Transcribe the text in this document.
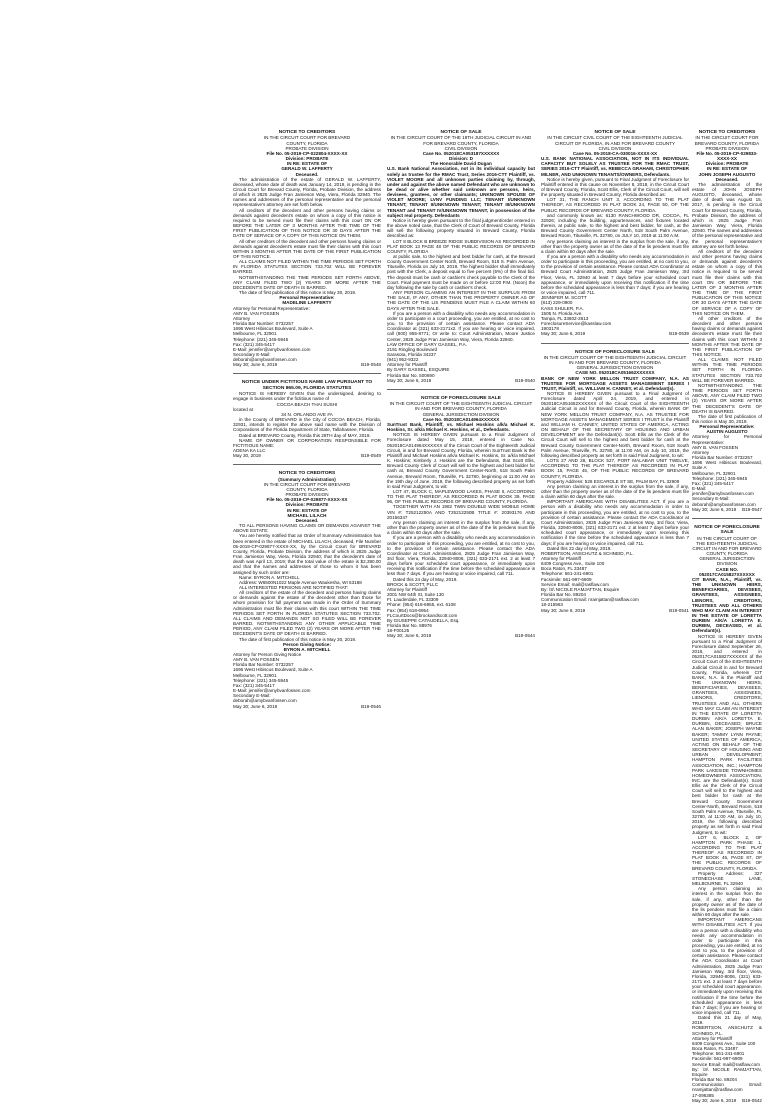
NOTICE TO CREDITORS
IN THE CIRCUIT COURT FOR BREVARD
COUNTY, FLORIDA
PROBATE DIVISION
File No. 05-2019-CP-022804-XXXX-XX
Division: PROBATE
IN RE: ESTATE OF
GERALD W. LAFFERTY
Deceased.

The administration of the estate of GERALD W. LAFFERTY, deceased, whose date of death was January 14, 2019, is pending in the Circuit Court for Brevard County, Florida, Probate Division, the address of which is 2825 Judge Fran Jamieson Way, Viera, Florida 32940. The names and addresses of the personal representative and the personal representative's attorney are set forth below.

All creditors of the decedent and other persons having claims or demands against decedent's estate on whom a copy of this notice is required to be served must file their claims with this court ON OR BEFORE THE LATER OF 3 MONTHS AFTER THE TIME OF THE FIRST PUBLICATION OF THIS NOTICE OR 30 DAYS AFTER THE DATE OF SERVICE OF A COPY OF THIS NOTICE ON THEM.

All other creditors of the decedent and other persons having claims or demands against decedent's estate must file their claims with this court WITHIN 3 MONTHS AFTER THE DATE OF THE FIRST PUBLICATION OF THIS NOTICE.

ALL CLAIMS NOT FILED WITHIN THE TIME PERIODS SET FORTH IN FLORIDA STATUTES SECTION 733.702 WILL BE FOREVER BARRED.

NOTWITHSTANDING THE TIME PERIODS SET FORTH ABOVE, ANY CLAIM FILED TWO (2) YEARS OR MORE AFTER THE DECEDENT'S DATE OF DEATH IS BARRED.

The date of first publication of this notice is May 30, 2019.

Personal Representative:
MADELINE LAFFERTY
Attorney for Personal Representative:
AMY B. VAN FOSSEN
Attorney
Florida Bar Number: 0732257
1696 West Hibiscus Boulevard, Suite A
Melbourne, FL 32901
Telephone: (321) 345-5945
Fax: (321) 345-5417
E-Mail: jennifer@amybvanfossen.com
Secondary E-Mail:
deborah@amybvanfossen.com
May 30; June 6, 2019	B19-0548
NOTICE UNDER FICTITIOUS NAME LAW PURSUANT TO SECTION 865.09, FLORIDA STATUTES

NOTICE IS HEREBY GIVEN that the undersigned, desiring to engage in business under the fictitious name of

COCOA BEACH THAI SUSHI
located at
34 N. ORLANDO AVE #A

in the County of BREVARD in the City of COCOA BEACH, Florida, 32931, intends to register the above said name with the Division of Corporations of the Florida Department of State, Tallahassee, Florida.

Dated at BREVARD County, Florida this 28TH day of MAY, 2019.

NAME OF OWNER OR CORPORATION RESPONSIBLE FOR FICTITIOUS NAME:

ADENA KA LLC
May 30, 2019	B19-0549
NOTICE TO CREDITORS
(Summary Administration)
IN THE CIRCUIT COURT FOR BREVARD
COUNTY, FLORIDA
PROBATE DIVISION
File No. 05-2019-CP-029877-XXXX-XX
Division: PROBATE
IN RE: ESTATE OF
MICHAEL LILACH
Deceased.

TO ALL PERSONS HAVING CLAIMS OR DEMANDS AGAINST THE ABOVE ESTATE:

You are hereby notified that an Order of Summary Administration has been entered in the estate of MICHAEL LILACH, deceased, File Number 05-2019-CP-029877-XXXX-XX, by the Circuit Court for BREVARD County, Florida, Probate Division, the address of which is 2825 Judge Fran Jamieson Way, Viera, Florida 32940; that the decedent's date of death was April 13, 2019; that the total value of the estate is $2,390.00 and that the names and addresses of those to whom it has been assigned by such order are:

Name: BYRON A. MITCHELL

Address: W6500N1022 Maple Avenue Waukesha, WI 53188

ALL INTERESTED PERSONS ARE NOTIFIED THAT:

All creditors of the estate of the decedent and persons having claims or demands against the estate of the decedent other than those for whom provision for full payment was made in the Order of Summary Administration must file their claims with this court WITHIN THE TIME PERIODS SET FORTH IN FLORIDA STATUTES SECTION 733.702. ALL CLAIMS AND DEMANDS NOT SO FILED WILL BE FOREVER BARRED. NOTWITHSTANDING ANY OTHER APPLICABLE TIME PERIOD, ANY CLAIM FILED TWO (2) YEARS OR MORE AFTER THE DECEDENT'S DATE OF DEATH IS BARRED.

The date of first publication of this notice is May 30, 2019.

Person Giving Notice:
BYRON A. MITCHELL
Attorney for Person Giving Notice
AMY B. VAN FOSSEN
Florida Bar Number: 0732257
1696 West Hibiscus Boulevard, Suite A
Melbourne, FL 32901
Telephone: (321) 345-5945
Fax: (321) 345-5417
E-Mail: jennifer@amybvanfossen.com
Secondary E-Mail:
deborah@amybvanfossen.com
May 30; June 6, 2019	B19-0546
NOTICE OF SALE
IN THE CIRCUIT COURT OF THE 18TH JUDICIAL CIRCUIT IN AND FOR BREVARD COUNTY, FLORIDA
CIVIL DIVISION
Case No. 052018CA053187XXXXXX
Division: D
The Honorable David Dugan
U.S. Bank National Association, not in its individual capacity but solely as trustee for the RMAC Trust, Series 2016-CTT Plaintiff, vs. VIOLET MOORE and all unknown parties claiming by, through, under and against the above named Defendant who are unknown to be dead or alive whether said unknown are persons, heirs, devisees, grantees, or other claimants; UNKNOWN SPOUSE OF VIOLET MOORE; LVNV FUNDING LLC; TENANT I/UNKNOWN TENANT; TENANT II/UNKNOWN TENANT; TENANT III/UNKNOWN TENANT and TENANT IV/UNKNOWN TENANT, in possession of the subject real property. Defendants

Notice is hereby given pursuant to the final judgment/order entered in the above noted case, that the Clerk of Court of Brevard County, Florida will sell the following property situated in Brevard County, Florida described as:

LOT 8 BLOCK B BREEZE RIDGE SUBDIVISION AS RECORDED IN PLAT BOOK 13 PAGE 48 OF THE PUBLIC RECORDS OF BREVARD COUNTY, FLORIDA

at public sale, to the highest and best bidder for cash, at the Brevard County Government Center North, Brevard Room, 518 S. Palm Avenue, Titusville, Florida on July 10, 2019. The highest bidder shall immediately post with the Clerk, a deposit equal to five percent (5%) of the final bid. The deposit must be cash or cashier's check payable to the Clerk of the Court. Final payment must be made on or before 12:00 P.M. (Noon) the day following the sale by cash or cashier's check.

ANY PERSON CLAIMING AN INTEREST IN THE SURPLUS FROM THE SALE, IF ANY, OTHER THAN THE PROPERTY OWNER AS OF THE DATE OF THE LIS PENDENS MUST FILE A CLAIM WITHIN 60 DAYS AFTER THE SALE.

If you are a person with a disability who needs any accommodation in order to participate in a court proceeding, you are entitled, at no cost to you, to the provision of certain assistance. Please contact ADA Coordinator at (321) 633-2171x2. If you are hearing or voice impaired, call (800) 955-8771; Or write to: Court Administration, Moore Justice Center, 2825 Judge Fran Jamieson Way, Viera, Florida 32940.

LAW OFFICE OF GARY GASSEL, P.A.
2191 Ringling Boulevard
Sarasota, Florida 34237
(941) 952-9322
Attorney for Plaintiff
By GARY GASSEL, ESQUIRE
Florida Bar No. 500690
May 30; June 6, 2019	B19-0540
NOTICE OF FORECLOSURE SALE
IN THE CIRCUIT COURT OF THE EIGHTEENTH JUDICIAL CIRCUIT IN AND FOR BREVARD COUNTY, FLORIDA
GENERAL JURISDICTION DIVISION
Case No. 052018CA014964XXXXXX
SunTrust Bank, Plaintiff, vs. Michael Hoskins a/k/a Michael K. Hoskins, Sr. a/k/a Michael K. Hoskins, et al., Defendants.

NOTICE IS HEREBY GIVEN pursuant to a Final Judgment of Foreclosure dated May 15, 2019, entered in Case No. 052018CA014964XXXXXX of the Circuit Court of the Eighteenth Judicial Circuit, in and for Brevard County, Florida, wherein SunTrust Bank is the Plaintiff and Michael Hoskins a/k/a Michael K. Hoskins, Sr. a/k/a Michael K. Hoskins; Kimberly J. Hoskins are the Defendants, that Scott Ellis, Brevard County Clerk of Court will sell to the highest and best bidder for cash at, Brevard County Government Center-North, 518 South Palm Avenue, Brevard Room, Titusville, FL 32780, beginning at 11:00 AM on the 19th day of June, 2019, the following described property as set forth in said Final Judgment, to wit:

LOT 47, BLOCK C, MAPLEWOOD LAKES, PHASE II, ACCORDING TO THE PLAT THEREOF, AS RECORDED IN PLAT BOOK 39, PAGE 96, OF THE PUBLIC RECORDS OF BREVARD COUNTY, FLORIDA.

TOGETHER WITH AN 1982 TWIN DOUBLE WIDE MOBILE HOME VIN #: T25212250A AND T25212250B TITLE #: 20393176 AND 20156347

Any person claiming an interest in the surplus from the sale, if any, other than the property owner as of the date of the lis pendens must file a claim within 60 days after the sale.

If you are a person with a disability who needs any accommodation in order to participate in this proceeding, you are entitled, at no cost to you, to the provision of certain assistance. Please contact the ADA Coordinator at Court Administration, 2825 Judge Fran Jamieson Way, 3rd floor, Viera, Florida, 32940-8006, (321) 633-2171 ext. 2 at least 7 days before your scheduled court appearance, or immediately upon receiving this notification if the time before the scheduled appearance is less than 7 days. If you are hearing or voice impaired, call 711.

Dated this 24 day of May, 2019.

BROCK & SCOTT, PLLC
Attorney for Plaintiff
2001 NW 64th St, Suite 130
Ft. Lauderdale, FL 33309
Phone: (954) 618-6955, ext. 6108
Fax: (954) 618-6954
FLCourtDocs@brockandscott.com
By GIUSEPPE CATAUDELLA, Esq.
Florida Bar No. 88976
18-F00125
May 30; June 6, 2019	B19-0544
NOTICE OF SALE
IN THE CIRCUIT CIVIL COURT OF THE EIGHTEENTH JUDICIAL CIRCUIT OF FLORIDA, IN AND FOR BREVARD COUNTY
CIVIL DIVISION
Case No. 05-2018-CA-030016-XXXX-XX
U.S. BANK NATIONAL ASSOCIATION, NOT IN ITS INDIVIDUAL CAPACITY BUT SOLELY AS TRUSTEE FOR THE RMAC TRUST, SERIES 2016-CTT Plaintiff, vs. REBECCA GRAHAM, CHRISTOPHER MILNER, AND UNKNOWN TENANTS/OWNERS, Defendants.

Notice is hereby given, pursuant to Final Judgment of Foreclosure for Plaintiff entered in this cause on November 8, 2018, in the Circuit Court of Brevard County, Florida, Scott Ellis, Clerk of the Circuit Court, will sell the property situated in Brevard County, Florida described as:

LOT 31, THE RANCH UNIT 3, ACCORDING TO THE PLAT THEREOF, AS RECORDED IN PLAT BOOK 24, PAGE 50, OF THE PUBLIC RECORDS OF BREVARD COUNTY, FLORIDA.

and commonly known as: 6130 RANCHWOOD DR, COCOA, FL 32926; including the building, appurtenances, and fixtures located therein, at public sale, to the highest and best bidder, for cash, at the Brevard County Government Center North, 518 South Palm Avenue, Brevard Room, Titusville, FL 32780, on JULY 10, 2019 at 11:00 A.M.

Any persons claiming an interest in the surplus from the sale, if any, other than the property owner as of the date of the lis pendens must file a claim within 60 days after the sale.

If you are a person with a disability who needs any accommodation in order to participate in this proceeding, you are entitled, at no cost to you, to the provision of certain assistance. Please contact ADA Coordinator at Brevard Court Administration, 2825 Judge Fran Jamieson Way, 3rd Floor, Viera, FL 32940 at least 7 days before your scheduled court appearance, or immediately upon receiving this notification if the time before the scheduled appearance is less than 7 days; if you are hearing or voice impaired, call 711.

JENNIFER M. SCOTT
(813) 229-0900
KASS SHULER, P.A.
1505 N. Florida Ave.
Tampa, FL 33602-2613
ForeclosureService@kasslaw.com
1903178
May 30; June 6, 2019	B19-0539
NOTICE OF FORECLOSURE SALE
IN THE CIRCUIT COURT OF THE EIGHTEENTH JUDICIAL CIRCUIT IN AND FOR BREVARD COUNTY, FLORIDA
GENERAL JURISDICTION DIVISION
CASE NO. 052018CA051662XXXXXX
BANK OF NEW YORK MELLON TRUST COMPANY, N.A. AS TRUSTEE FOR MORTGAGE ASSETS MANAGEMENT SERIES I TRUST, Plaintiff, vs. WILLIAM H. CANNEY, et al. Defendant(s).

NOTICE IS HEREBY GIVEN pursuant to a Final Judgment of Foreclosure dated April 24, 2019, and entered in 052018CA051662XXXXXX of the Circuit Court of the EIGHTEENTH Judicial Circuit in and for Brevard County, Florida, wherein BANK OF NEW YORK MELLON TRUST COMPANY, N.A. AS TRUSTEE FOR MORTGAGE ASSETS MANAGEMENT SERIES I TRUST is the Plaintiff and WILLIAM H. CANNEY; UNITED STATES OF AMERICA, ACTING ON BEHALF OF THE SECRETARY OF HOUSING AND URBAN DEVELOPMENT are the Defendant(s). Scott Ellis as the Clerk of the Circuit Court will sell to the highest and best bidder for cash at the Brevard County Government Center-North, Brevard Room, 518 South Palm Avenue, Titusville, FL 32780, at 11:00 AM, on July 10, 2019, the following described property as set forth in said Final Judgment, to wit:

LOTS 27 AND 28, BLOCK 527, PORT MALABAR UNIT TWELVE, ACCORDING TO THE PLAT THEREOF AS RECORDED IN PLAT BOOK 15, PAGE 45, OF THE PUBLIC RECORDS OF BREVARD COUNTY, FLORIDA.

Property Address: 526 ESCAROLE ST SE, PALM BAY, FL 32909

Any person claiming an interest in the surplus from the sale, if any, other than the property owner as of the date of the lis pendens must file a claim within 60 days after the sale.

IMPORTANT AMERICANS WITH DISABILITIES ACT. If you are a person with a disability who needs any accommodation in order to participate in this proceeding, you are entitled, at no cost to you, to the provision of certain assistance. Please contact the ADA Coordinator at Court Administration, 2825 Judge Fran Jamieson Way, 3rd floor, Viera, Florida, 32940-8006, (321) 633-2171 ext. 2 at least 7 days before your scheduled court appearance, or immediately upon receiving this notification if the time before the scheduled appearance is less than 7 days; if you are hearing or voice impaired, call 711.

Dated this 22 day of May, 2019.

ROBERTSON, ANSCHUTZ & SCHNEID, P.L.
Attorney for Plaintiff
6409 Congress Ave., Suite 100
Boca Raton, FL 33487
Telephone: 561-241-6901
Facsimile: 561-997-6909
Service Email: mail@rasflaw.com
By: \S\ NICOLE RAMJATTAN, Esquire
Florida Bar No. 89204
Communication Email: nramjattan@rasflaw.com
18-215963
May 30; June 6, 2019	B19-0541
NOTICE TO CREDITORS
IN THE CIRCUIT COURT FOR BREVARD COUNTY, FLORIDA
PROBATE DIVISION
File No. 05-2019-CP-029833-XXXX-XX
Division: PROBATE
IN RE: ESTATE OF
JOHN JOSEPH AUGUSTO
Deceased.

The administration of the estate of JOHN JOSEPH AUGUSTO, deceased, whose date of death was August 15, 2017, is pending in the Circuit Court for Brevard County, Florida, Probate Division, the address of which is 2825 Judge Fran Jamieson Way, Viera, Florida 32940. The names and addresses of the personal representative and the personal representative's attorney are set forth below.

All creditors of the decedent and other persons having claims or demands against decedent's estate on whom a copy of this notice is required to be served must file their claims with this court ON OR BEFORE THE LATER OF 3 MONTHS AFTER THE TIME OF THE FIRST PUBLICATION OF THIS NOTICE OR 30 DAYS AFTER THE DATE OF SERVICE OF A COPY OF THIS NOTICE ON THEM.

All other creditors of the decedent and other persons having claims or demands against decedent's estate must file their claims with this court WITHIN 3 MONTHS AFTER THE DATE OF THE FIRST PUBLICATION OF THIS NOTICE.

ALL CLAIMS NOT FILED WITHIN THE TIME PERIODS SET FORTH IN FLORIDA STATUTES SECTION 733.702 WILL BE FOREVER BARRED.

NOTWITHSTANDING THE TIME PERIODS SET FORTH ABOVE, ANY CLAIM FILED TWO (2) YEARS OR MORE AFTER THE DECEDENT'S DATE OF DEATH IS BARRED.

The date of first publication of this notice is May 30, 2019.

Personal Representative:
AUSTIN AUGUSTO
Attorney for Personal Representative:
AMY B. VAN FOSSEN
Attorney
Florida Bar Number: 0732257
1696 West Hibiscus Boulevard, Suite A
Melbourne, FL 32901
Telephone: (321) 345-5945
Fax: (321) 345-5417
E-Mail: jennifer@amybvanfossen.com
Secondary E-Mail:
deborah@amybvanfossen.com
May 30; June 6, 2019 B19-0547
NOTICE OF FORECLOSURE SALE
IN THE CIRCUIT COURT OF THE EIGHTEENTH JUDICIAL CIRCUIT IN AND FOR BREVARD COUNTY, FLORIDA
GENERAL JURISDICTION DIVISION
CASE NO. 052017CA015827XXXXXX
CIT BANK, N.A., Plaintiff, vs. THE UNKNOWN HEIRS, BENEFICIARIES, DEVISEES, GRANTEES, ASSIGNEES, LIENORS, CREDITORS, TRUSTEES AND ALL OTHERS WHO MAY CLAIM AN INTEREST IN THE ESTATE OF LORETTA DURBIN A/K/A LORETTA E. DURBIN, DECEASED, et al. Defendant(s).

NOTICE IS HEREBY GIVEN pursuant to a Final Judgment of Foreclosure dated September 26, 2018, and entered in 052017CA015827XXXXXX of the Circuit Court of the EIGHTEENTH Judicial Circuit in and for Brevard County, Florida, wherein CIT BANK, N.A. is the Plaintiff and THE UNKNOWN HEIRS, BENEFICIARIES, DEVISEES, GRANTEES, ASSIGNEES, LIENORS, CREDITORS, TRUSTEES AND ALL OTHERS WHO MAY CLAIM AN INTEREST IN THE ESTATE OF LORETTA DURBIN A/K/A LORETTA E. DURBIN, DECEASED; BRUCE ALAN BAKER; JOSEPH WAYNE BAKER; TAMMY LYNN PAYNE; UNITED STATES OF AMERICA, ACTING ON BEHALF OF THE SECRETARY OF HOUSING AND URBAN DEVELOPMENT; HAMPTON PARK FACILITIES ASSOCIATION, INC.; HAMPTON PARK LAKESIDE TOWNHOMES HOMEOWNERS ASSOCIATION, INC. are the Defendant(s). Scott Ellis as the Clerk of the Circuit Court will sell to the highest and best bidder for cash at the Brevard County Government Center-North, Brevard Room, 518 South Palm Avenue, Titusville, FL 32780, at 11:00 AM, on July 10, 2019, the following described property as set forth in said Final Judgment, to wit:

LOT 6, BLOCK 2, OF HAMPTON PARK PHASE 1, ACCORDING TO THE PLAT THEREOF AS RECORDED IN PLAT BOOK 45, PAGE 87, OF THE PUBLIC RECORDS OF BREVARD COUNTY, FLORIDA.

Property Address: 327 STONECHASE LANE, MELBOURNE, FL 32940

Any person claiming an interest in the surplus from the sale, if any, other than the property owner as of the date of the lis pendens must file a claim within 60 days after the sale.

IMPORTANT AMERICANS WITH DISABILITIES ACT. If you are a person with a disability who needs any accommodation in order to participate in this proceeding, you are entitled, at no cost to you, to the provision of certain assistance. Please contact the ADA Coordinator at Court Administration, 2825 Judge Fran Jamieson Way, 3rd floor, Viera, Florida, 32940-8006, (321) 633-2171 ext. 2 at least 7 days before your scheduled court appearance, or immediately upon receiving this notification if the time before the scheduled appearance is less than 7 days; if you are hearing or voice impaired, call 711.

Dated this 21 day of May, 2019.

ROBERTSON, ANSCHUTZ & SCHNEID, P.L.
Attorney for Plaintiff
6409 Congress Ave., Suite 100
Boca Raton, FL 33487
Telephone: 561-241-6901
Facsimile: 561-997-6909
Service Email: mail@rasflaw.com
By: \S\ NICOLE RAMJATTAN, Esquire
Florida Bar No. 89204
Communication Email: nramjattan@rasflaw.com
17-096385
May 30; June 6, 2019 B19-0542
